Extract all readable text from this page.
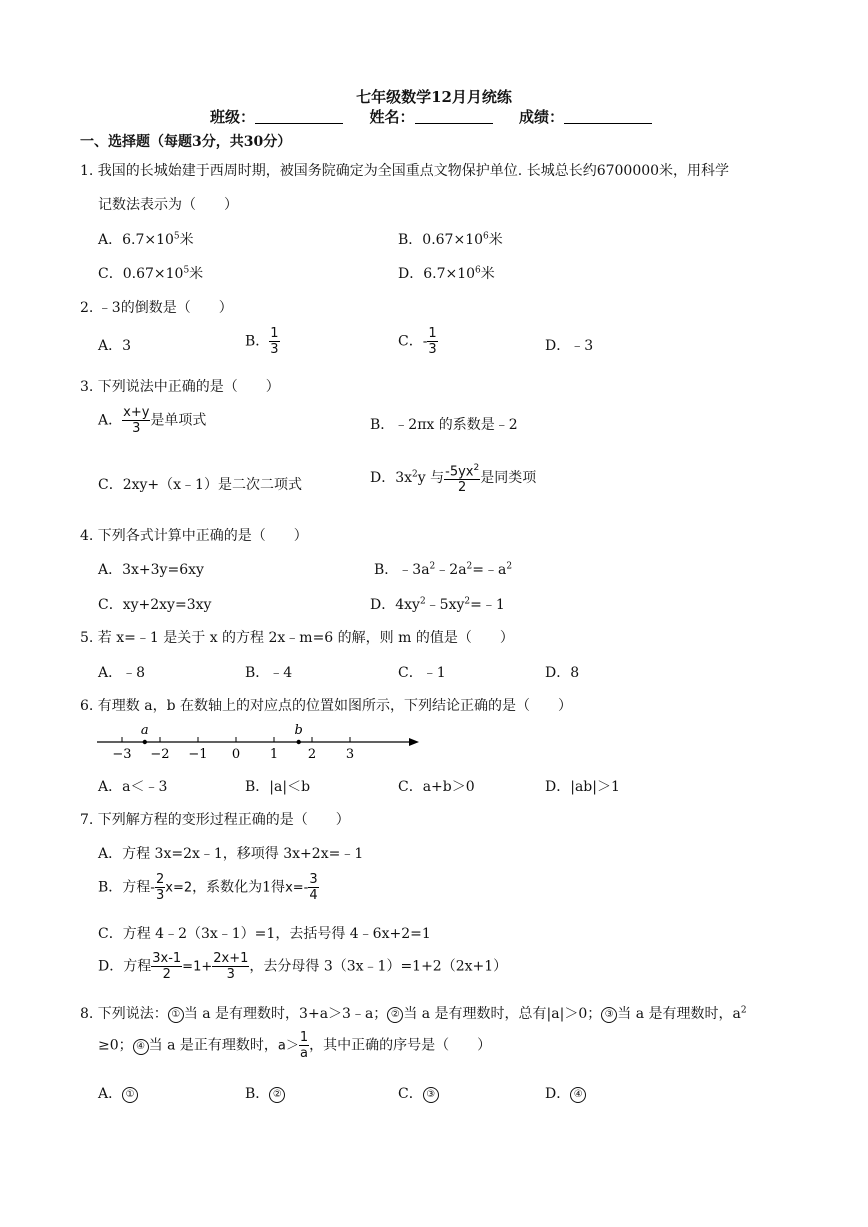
七年级数学12月月统练
班级：	姓名：	成绩：
一、选择题（每题3分，共30分）
1. 我国的长城始建于西周时期，被国务院确定为全国重点文物保护单位. 长城总长约6700000米，用科学
记数法表示为（　　）
A．$6.7\times 10^5$米	B．$0.67\times 10^6$米
C．$0.67\times 10^5$米	D．$6.7\times 10^6$米
2. ﹣3的倒数是（　　）
A．3	B． $\frac{1}{3}$	C．- $\frac{1}{3}$	D．﹣3
3. 下列说法中正确的是（　　）
A． $\frac{x+y}{3}$ 是单项式	B．﹣2πx 的系数是﹣2
C．2xy+（x﹣1）是二次二项式	D．$3x^2y$ 与 $\frac{-5yx^2}{2}$ 是同类项
4. 下列各式计算中正确的是（　　）
A．3x+3y=6xy	B．$﹣3a^2﹣2a^2=﹣a^2$
C．xy+2xy=3xy	D．$4xy^2﹣5xy^2=﹣1$
5. 若 x=﹣1 是关于 x 的方程 2x﹣m=6 的解，则 m 的值是（　　）
A．﹣8	B．﹣4	C．﹣1	D．8
6. 有理数 a，b 在数轴上的对应点的位置如图所示，下列结论正确的是（　　）
−3 −2 −1 0 1 2 3
a	b
A．a＜﹣3	B．|a|＜b	C．a+b＞0	D．|ab|＞1
7. 下列解方程的变形过程正确的是（　　）
A．方程 3x=2x﹣1，移项得 3x+2x=﹣1
B．方程- $\frac{2}{3} x=2$，系数化为1得$x=- \frac{3}{4}$
C．方程 4﹣2（3x﹣1）=1，去括号得 4﹣6x+2=1
D．方程 $\frac{3x-1}{2} =1+ \frac{2x+1}{3}$ ，去分母得 3（3x﹣1）=1+2（2x+1）
8. 下列说法： ① 当 a 是有理数时，3+a＞3﹣a； ② 当 a 是有理数时，总有|a|＞0； ③ 当 a 是有理数时，$a^2$
≥0； ④ 当 a 是正有理数时，$a> \frac{1}{a}$ ，其中正确的序号是（　　）
A． ①	B． ②	C． ③	D． ④
